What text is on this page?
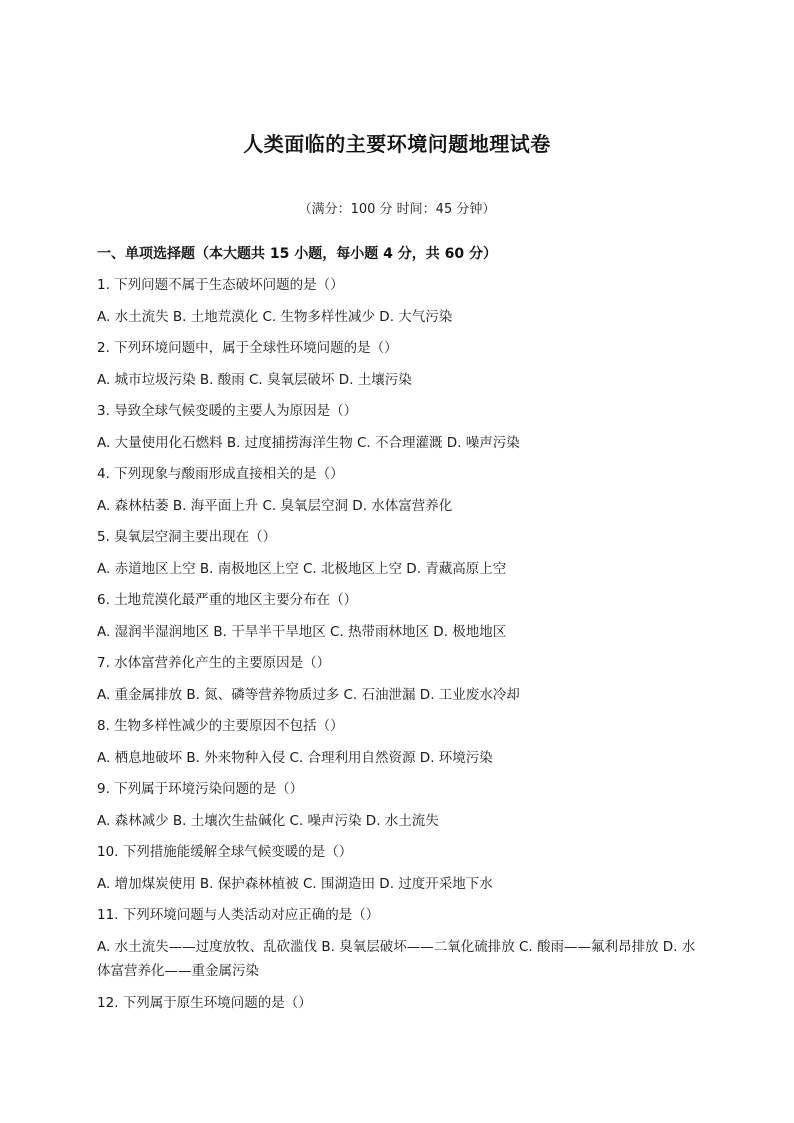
人类面临的主要环境问题地理试卷
（满分：100 分 时间：45 分钟）
一、单项选择题（本大题共 15 小题，每小题 4 分，共 60 分）

1. 下列问题不属于生态破坏问题的是（）

A. 水土流失 B. 土地荒漠化 C. 生物多样性减少 D. 大气污染

2. 下列环境问题中，属于全球性环境问题的是（）

A. 城市垃圾污染 B. 酸雨 C. 臭氧层破坏 D. 土壤污染

3. 导致全球气候变暖的主要人为原因是（）

A. 大量使用化石燃料 B. 过度捕捞海洋生物 C. 不合理灌溉 D. 噪声污染

4. 下列现象与酸雨形成直接相关的是（）

A. 森林枯萎 B. 海平面上升 C. 臭氧层空洞 D. 水体富营养化

5. 臭氧层空洞主要出现在（）

A. 赤道地区上空 B. 南极地区上空 C. 北极地区上空 D. 青藏高原上空

6. 土地荒漠化最严重的地区主要分布在（）

A. 湿润半湿润地区 B. 干旱半干旱地区 C. 热带雨林地区 D. 极地地区

7. 水体富营养化产生的主要原因是（）

A. 重金属排放 B. 氮、磷等营养物质过多 C. 石油泄漏 D. 工业废水冷却

8. 生物多样性减少的主要原因不包括（）

A. 栖息地破坏 B. 外来物种入侵 C. 合理利用自然资源 D. 环境污染

9. 下列属于环境污染问题的是（）

A. 森林减少 B. 土壤次生盐碱化 C. 噪声污染 D. 水土流失

10. 下列措施能缓解全球气候变暖的是（）

A. 增加煤炭使用 B. 保护森林植被 C. 围湖造田 D. 过度开采地下水

11. 下列环境问题与人类活动对应正确的是（）

A. 水土流失——过度放牧、乱砍滥伐 B. 臭氧层破坏——二氧化硫排放 C. 酸雨——氟利昂排放 D. 水体富营养化——重金属污染

12. 下列属于原生环境问题的是（）
